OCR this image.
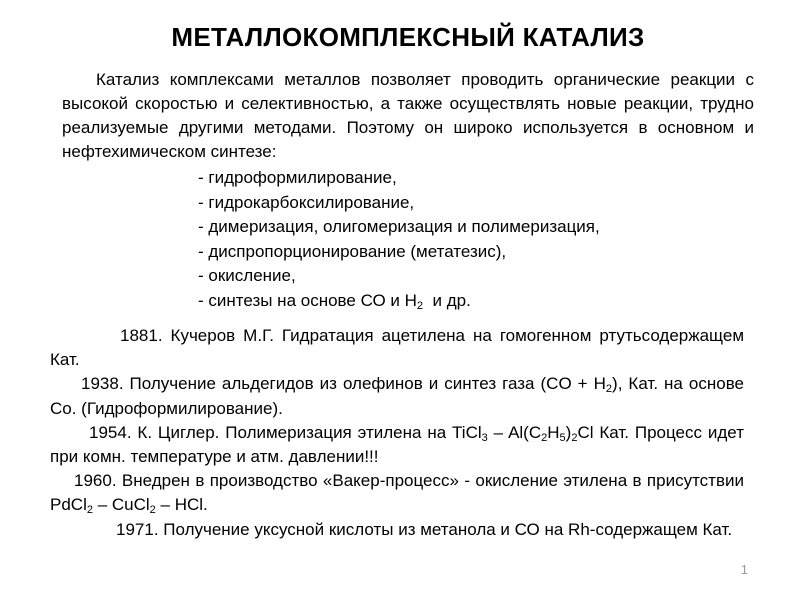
МЕТАЛЛОКОМПЛЕКСНЫЙ КАТАЛИЗ

Катализ комплексами металлов позволяет проводить органические реакции с высокой скоростью и селективностью, а также осуществлять новые реакции, трудно реализуемые другими методами. Поэтому он широко используется в основном и нефтехимическом синтезе:

- гидроформилирование,
- гидрокарбоксилирование,
- димеризация, олигомеризация и полимеризация,
- диспропорционирование (метатезис),
- окисление,
- синтезы на основе СО и $Н_2$  и др.

1881. Кучеров М.Г. Гидратация ацетилена на гомогенном ртутьсодержащем Кат.

1938. Получение альдегидов из олефинов и синтез газа $(CO + H_2)$, Кат. на основе Со. (Гидроформилирование).

1954. К. Циглер. Полимеризация этилена на TiCl$_3$ – $Al(C_2H_5)_2Cl$ Кат. Процесс идет при комн. температуре и атм. давлении!!!

1960. Внедрен в производство «Вакер-процесс» - окисление этилена в присутствии PdCl$_2$ – CuCl$_2$ – HCl.

1971. Получение уксусной кислоты из метанола и СО на Rh-содержащем Кат.

1
